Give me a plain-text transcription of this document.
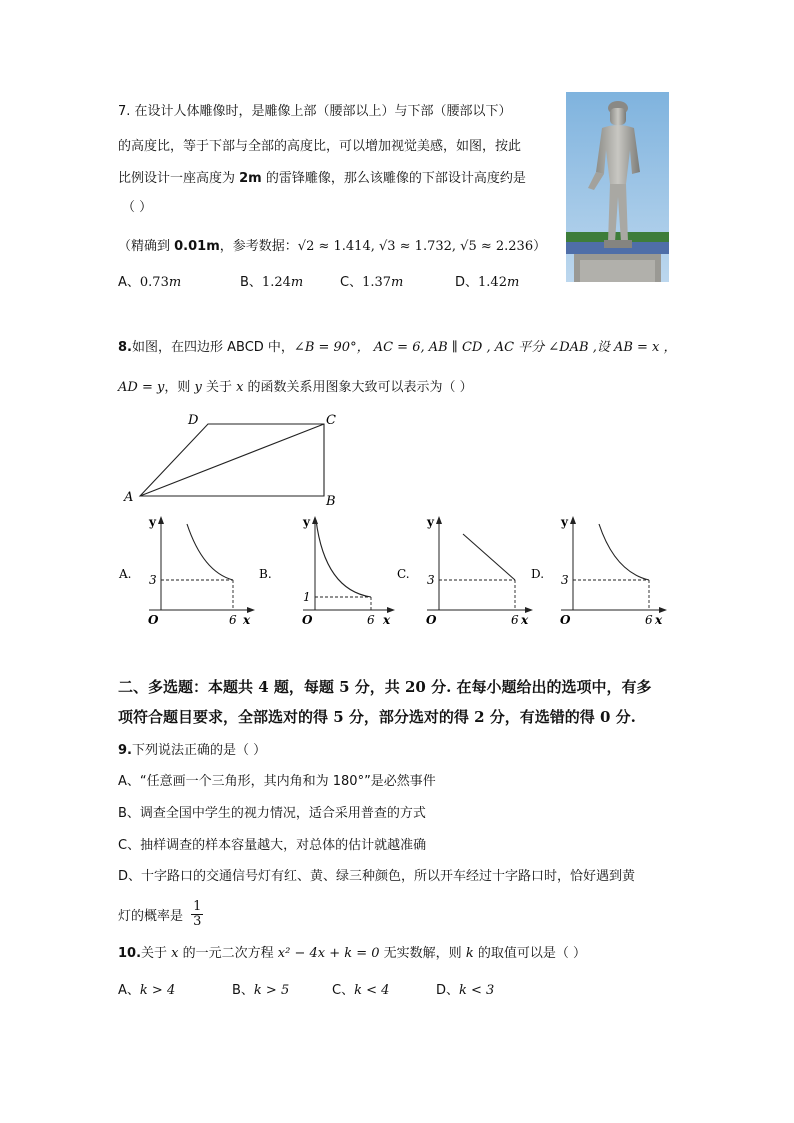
7. 在设计人体雕像时，是雕像上部（腰部以上）与下部（腰部以下）
的高度比，等于下部与全部的高度比，可以增加视觉美感，如图，按此
比例设计一座高度为 2m 的雷锋雕像，那么该雕像的下部设计高度约是
（ ）
（精确到 0.01m，参考数据：√2 ≈ 1.414, √3 ≈ 1.732, √5 ≈ 2.236）
A、0.73m	B、1.24m	C、1.37m	D、1.42m
8.如图，在四边形 ABCD 中，∠B = 90°， AC = 6, AB ∥ CD , AC 平分 ∠DAB ,设 AB = x ，
AD = y，则 y 关于 x 的函数关系用图象大致可以表示为（ ）
A	B
C
D
A.
y
x
O
3
6
B.
y
x
O
1
6
C.
y
x
O
3
6
D.
y
x
O
3
6
二、多选题：本题共 4 题，每题 5 分，共 20 分. 在每小题给出的选项中，有多
项符合题目要求，全部选对的得 5 分，部分选对的得 2 分，有选错的得 0 分.
9.下列说法正确的是（ ）
A、“任意画一个三角形，其内角和为 180°”是必然事件
B、调查全国中学生的视力情况，适合采用普查的方式
C、抽样调查的样本容量越大，对总体的估计就越准确
D、十字路口的交通信号灯有红、黄、绿三种颜色，所以开车经过十字路口时，恰好遇到黄
灯的概率是 $\frac{1}{3}$
10.关于 x 的一元二次方程 x² − 4x + k = 0 无实数解，则 k 的取值可以是（ ）
A、k > 4	B、k > 5	C、k < 4	D、k < 3
